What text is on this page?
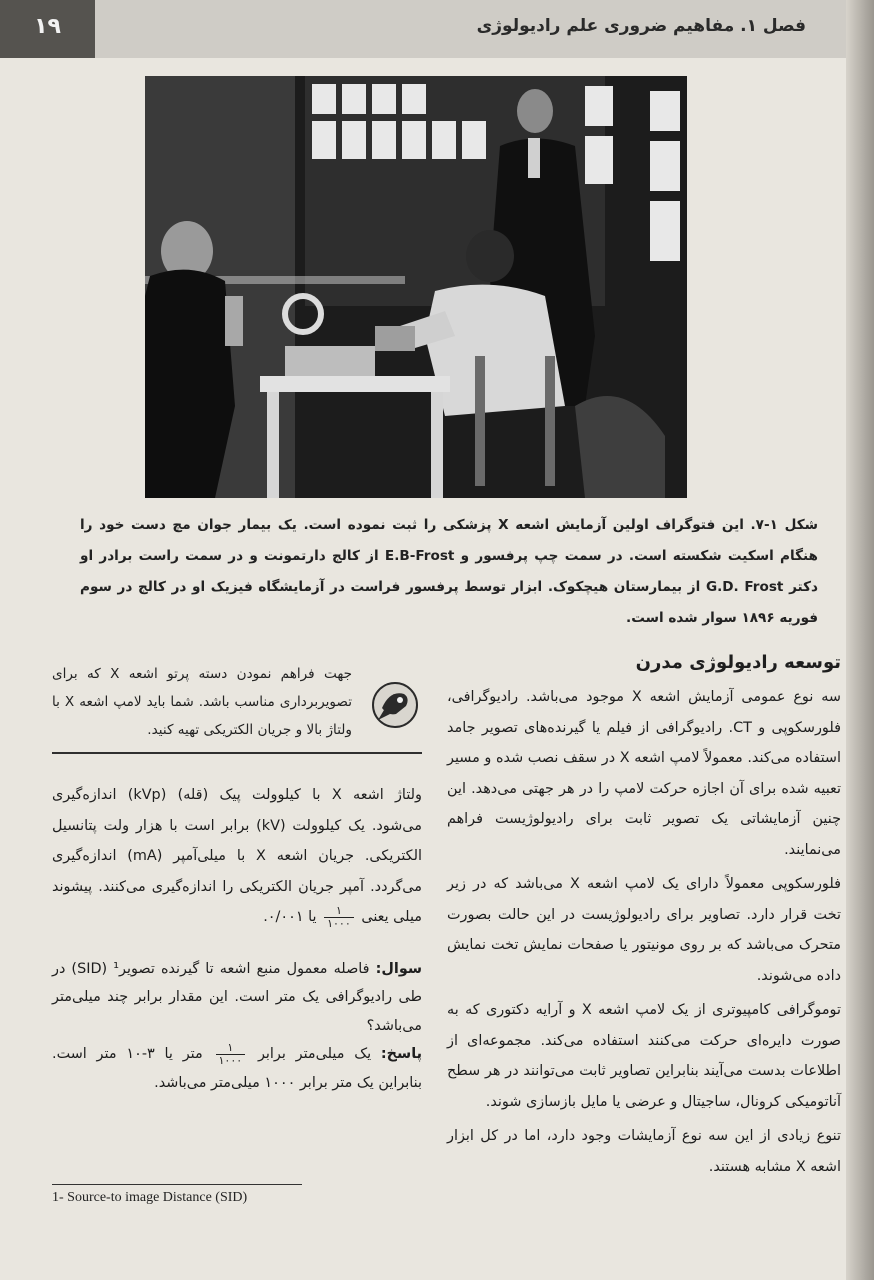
۱۹	فصل ۱. مفاهیم ضروری علم رادیولوژی
شکل ۱-۷. این فتوگراف اولین آزمایش اشعه X پزشکی را ثبت نموده است. یک بیمار جوان مچ دست خود را هنگام اسکیت شکسته است. در سمت چپ پرفسور و E.B-Frost از کالج دارتمونت و در سمت راست برادر او دکتر G.D. Frost از بیمارستان هیچکوک. ابزار توسط پرفسور فراست در آزمایشگاه فیزیک او در کالج در سوم فوریه ۱۸۹۶ سوار شده است.
جهت فراهم نمودن دسته پرتو اشعه X که برای تصویربرداری مناسب باشد. شما باید لامپ اشعه X با ولتاژ بالا و جریان الکتریکی تهیه کنید.
توسعه رادیولوژی مدرن

سه نوع عمومی آزمایش اشعه X موجود می‌باشد. رادیوگرافی، فلورسکوپی و CT. رادیوگرافی از فیلم یا گیرنده‌های تصویر جامد استفاده می‌کند. معمولاً لامپ اشعه X در سقف نصب شده و مسیر تعبیه شده برای آن اجازه حرکت لامپ را در هر جهتی می‌دهد. این چنین آزمایشاتی یک تصویر ثابت برای رادیولوژیست فراهم می‌نمایند.

فلورسکوپی معمولاً دارای یک لامپ اشعه X می‌باشد که در زیر تخت قرار دارد. تصاویر برای رادیولوژیست در این حالت بصورت متحرک می‌باشد که بر روی مونیتور یا صفحات نمایش تخت نمایش داده می‌شوند.

توموگرافی کامپیوتری از یک لامپ اشعه X و آرایه دکتوری که به صورت دایره‌ای حرکت می‌کنند استفاده می‌کند. مجموعه‌ای از اطلاعات بدست می‌آیند بنابراین تصاویر ثابت می‌توانند در هر سطح آناتومیکی کرونال، ساجیتال و عرضی یا مایل بازسازی شوند.

تنوع زیادی از این سه نوع آزمایشات وجود دارد، اما در کل ابزار اشعه X مشابه هستند.

ولتاژ اشعه X با کیلوولت پیک (قله) (kVp) اندازه‌گیری می‌شود. یک کیلوولت (kV) برابر است با هزار ولت پتانسیل الکتریکی. جریان اشعه X با میلی‌آمپر (mA) اندازه‌گیری می‌گردد. آمپر جریان الکتریکی را اندازه‌گیری می‌کنند. پیشوند میلی یعنی
$\frac{۱}{۱۰۰۰}$
یا ۰/۰۰۱.

سوال: فاصله معمول منبع اشعه تا گیرنده تصویر¹ (SID) در طی رادیوگرافی یک متر است. این مقدار برابر چند میلی‌متر می‌باشد؟

پاسخ: یک میلی‌متر برابر
$\frac{۱}{۱۰۰۰}$
متر یا ۳-۱۰ متر است. بنابراین یک متر برابر ۱۰۰۰ میلی‌متر می‌باشد.

1- Source-to image Distance (SID)
